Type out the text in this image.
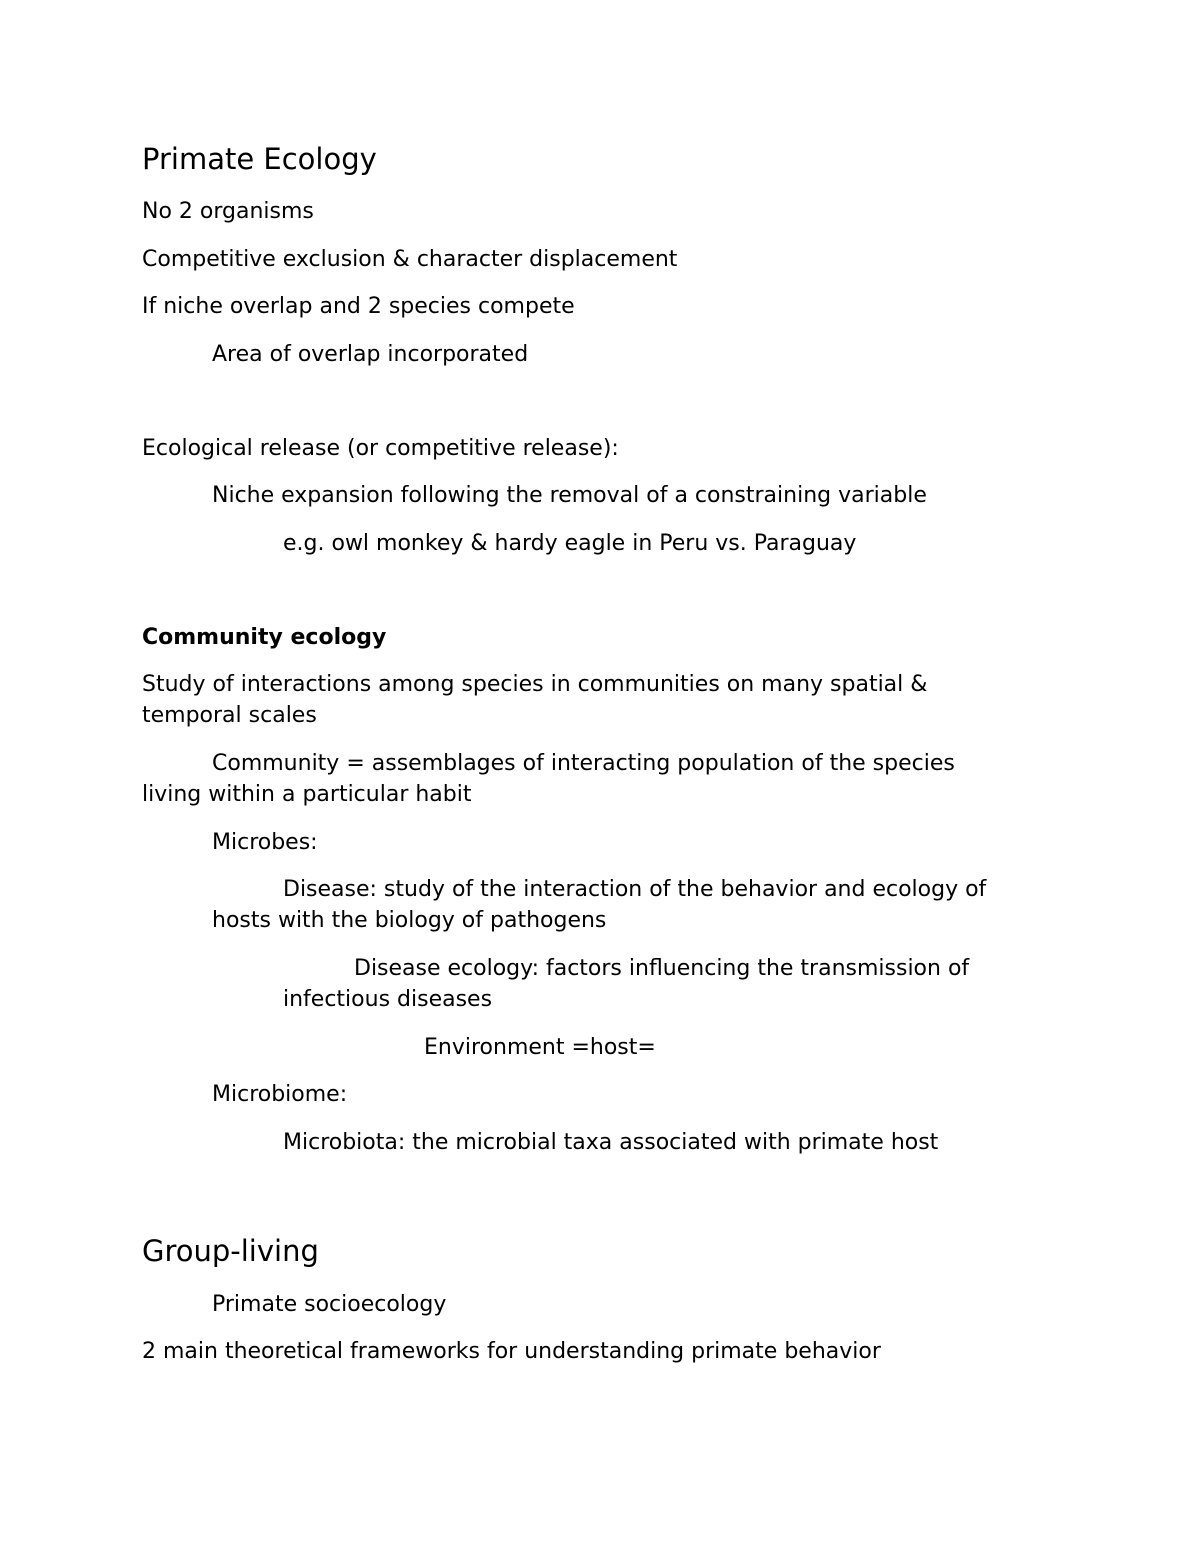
Primate Ecology
No 2 organisms
Competitive exclusion & character displacement
If niche overlap and 2 species compete
Area of overlap incorporated
Ecological release (or competitive release):
Niche expansion following the removal of a constraining variable
e.g. owl monkey & hardy eagle in Peru vs. Paraguay
Community ecology
Study of interactions among species in communities on many spatial &
temporal scales
Community = assemblages of interacting population of the species
living within a particular habit
Microbes:
Disease: study of the interaction of the behavior and ecology of
hosts with the biology of pathogens
Disease ecology: factors influencing the transmission of
infectious diseases
Environment =host=
Microbiome:
Microbiota: the microbial taxa associated with primate host
Group-living
Primate socioecology
2 main theoretical frameworks for understanding primate behavior
